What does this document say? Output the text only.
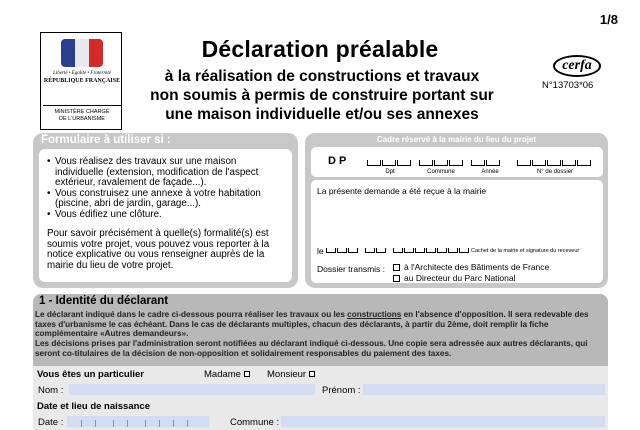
1/8
Liberté • Égalité • Fraternité
RÉPUBLIQUE FRANÇAISE
MINISTÈRE CHARGÉ
DE L'URBANISME
Déclaration préalable
à la réalisation de constructions et travaux
non soumis à permis de construire portant sur
une maison individuelle et/ou ses annexes
cerfa
N°13703*06
Formulaire à utiliser si :
• Vous réalisez des travaux sur une maison individuelle (extension, modification de l'aspect extérieur, ravalement de façade...).
• Vous construisez une annexe à votre habitation (piscine, abri de jardin, garage...).
• Vous édifiez une clôture.

Pour savoir précisément à quelle(s) formalité(s) est soumis votre projet, vous pouvez vous reporter à la notice explicative ou vous renseigner auprès de la mairie du lieu de votre projet.

Cadre réservé à la mairie du lieu du projet
DP
Dpt	Commune	Année	N° de dossier
La présente demande a été reçue à la mairie
le	Cachet de la mairie et signature du receveur
Dossier transmis :	à l'Architecte des Bâtiments de France
au Directeur du Parc National
1 - Identité du déclarant
Le déclarant indiqué dans le cadre ci-dessous pourra réaliser les travaux ou les constructions en l'absence d'opposition. Il sera redevable des taxes d'urbanisme le cas échéant. Dans le cas de déclarants multiples, chacun des déclarants, à partir du 2ème, doit remplir la fiche complémentaire «Autres demandeurs».
Les décisions prises par l'administration seront notifiées au déclarant indiqué ci-dessous. Une copie sera adressée aux autres déclarants, qui seront co-titulaires de la décision de non-opposition et solidairement responsables du paiement des taxes.
Vous êtes un particulier	Madame	Monsieur
Nom :	Prénom :
Date et lieu de naissance
Date :	Commune :
